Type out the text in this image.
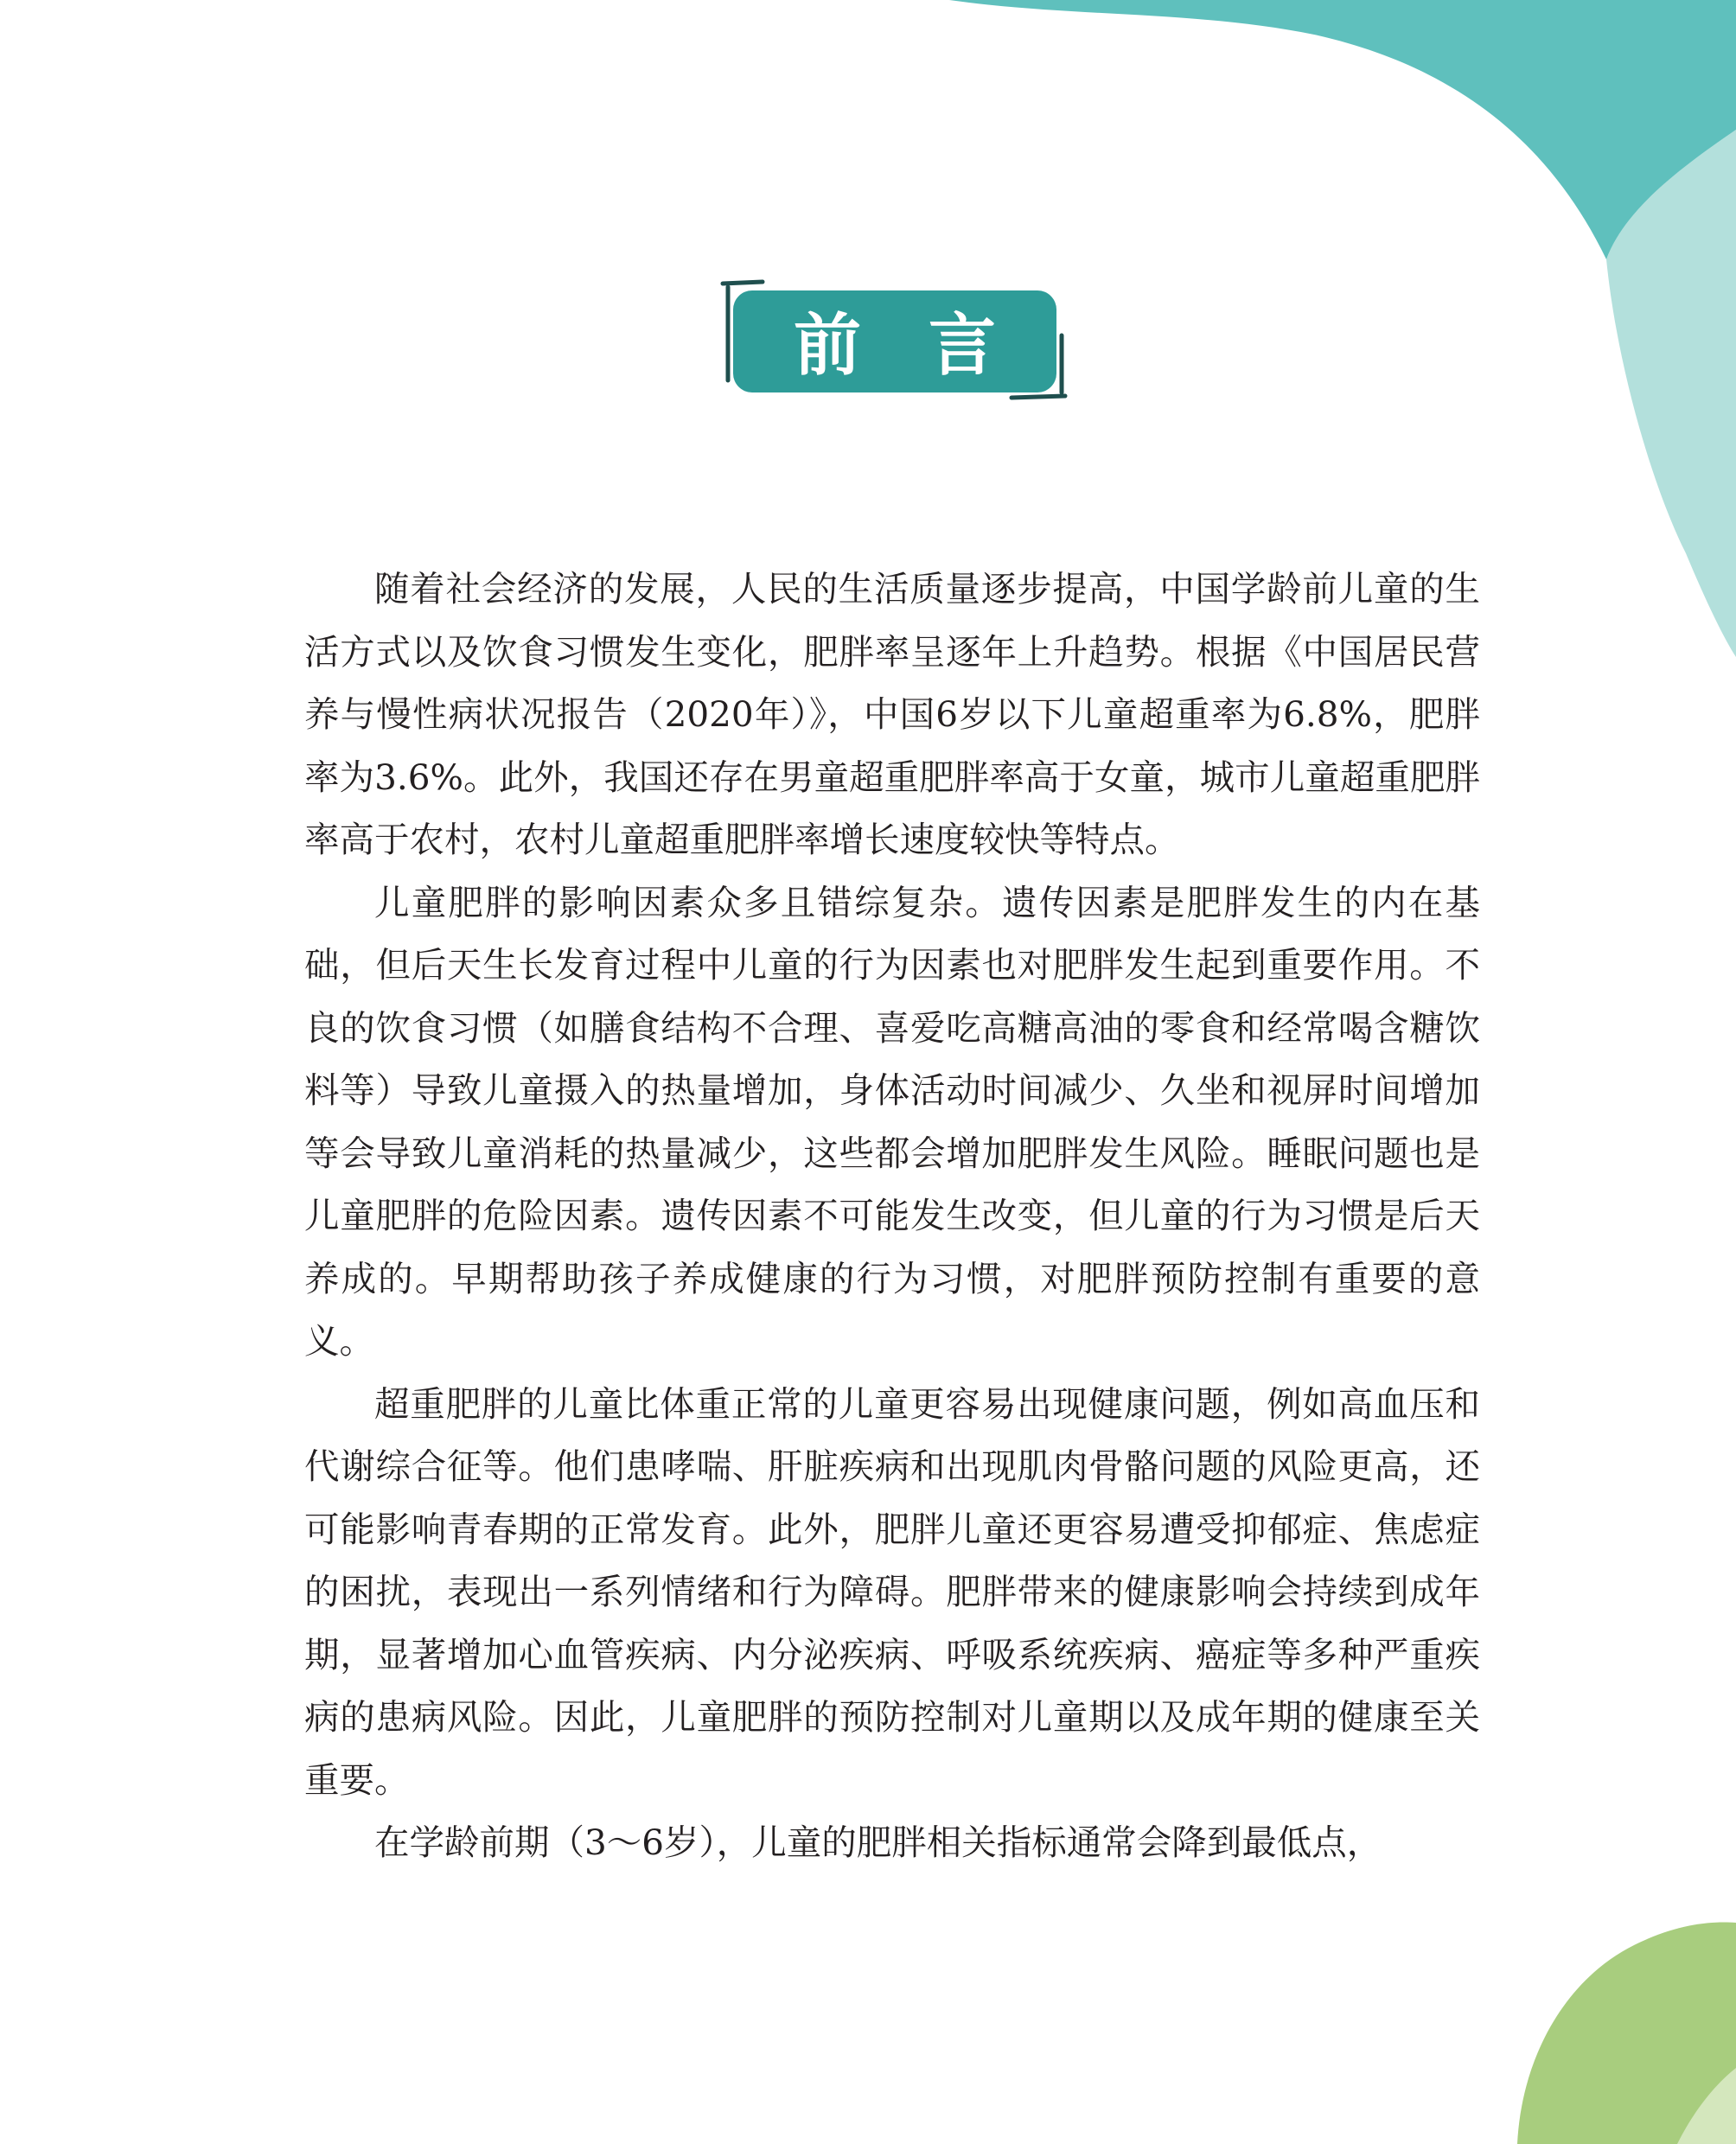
前言

随着社会经济的发展，人民的生活质量逐步提高，中国学龄前儿童的生活方式以及饮食习惯发生变化，肥胖率呈逐年上升趋势。根据《中国居民营养与慢性病状况报告（2020年）》，中国6岁以下儿童超重率为6.8%，肥胖率为3.6%。此外，我国还存在男童超重肥胖率高于女童，城市儿童超重肥胖率高于农村，农村儿童超重肥胖率增长速度较快等特点。

儿童肥胖的影响因素众多且错综复杂。遗传因素是肥胖发生的内在基础，但后天生长发育过程中儿童的行为因素也对肥胖发生起到重要作用。不良的饮食习惯（如膳食结构不合理、喜爱吃高糖高油的零食和经常喝含糖饮料等）导致儿童摄入的热量增加，身体活动时间减少、久坐和视屏时间增加等会导致儿童消耗的热量减少，这些都会增加肥胖发生风险。睡眠问题也是儿童肥胖的危险因素。遗传因素不可能发生改变，但儿童的行为习惯是后天养成的。早期帮助孩子养成健康的行为习惯，对肥胖预防控制有重要的意义。

超重肥胖的儿童比体重正常的儿童更容易出现健康问题，例如高血压和代谢综合征等。他们患哮喘、肝脏疾病和出现肌肉骨骼问题的风险更高，还可能影响青春期的正常发育。此外，肥胖儿童还更容易遭受抑郁症、焦虑症的困扰，表现出一系列情绪和行为障碍。肥胖带来的健康影响会持续到成年期，显著增加心血管疾病、内分泌疾病、呼吸系统疾病、癌症等多种严重疾病的患病风险。因此，儿童肥胖的预防控制对儿童期以及成年期的健康至关重要。

在学龄前期（3～6岁），儿童的肥胖相关指标通常会降到最低点，
